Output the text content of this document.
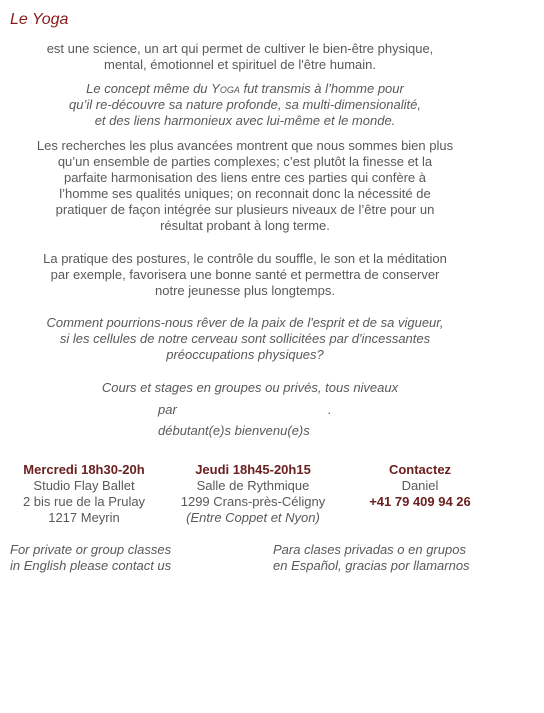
Le Yoga

est une science, un art qui permet de cultiver le bien-être physique,

mental, émotionnel et spirituel de l'être humain.

Le concept même du Yoga fut transmis à l’homme pour

qu’il re-découvre sa nature profonde, sa multi-dimensionalité,

et des liens harmonieux avec lui-même et le monde.

Les recherches les plus avancées montrent que nous sommes bien plus

qu’un ensemble de parties complexes; c’est plutôt la finesse et la

parfaite harmonisation des liens entre ces parties qui confère à

l’homme ses qualités uniques; on reconnait donc la nécessité de

pratiquer de façon intégrée sur plusieurs niveaux de l’être pour un

résultat probant à long terme.

La pratique des postures, le contrôle du souffle, le son et la méditation

par exemple, favorisera une bonne santé et permettra de conserver

notre jeunesse plus longtemps.

Comment pourrions-nous rêver de la paix de l'esprit et de sa vigueur,

si les cellules de notre cerveau sont sollicitées par d'incessantes

préoccupations physiques?

Cours et stages en groupes ou privés, tous niveaux
par	.
débutant(e)s bienvenu(e)s

Mercredi 18h30-20h

Studio Flay Ballet

2 bis rue de la Prulay

1217 Meyrin

Jeudi 18h45-20h15

Salle de Rythmique

1299 Crans-près-Céligny

(Entre Coppet et Nyon)

Contactez

Daniel

+41 79 409 94 26

For private or group classes

in English please contact us

Para clases privadas o en grupos

en Español, gracias por llamarnos
